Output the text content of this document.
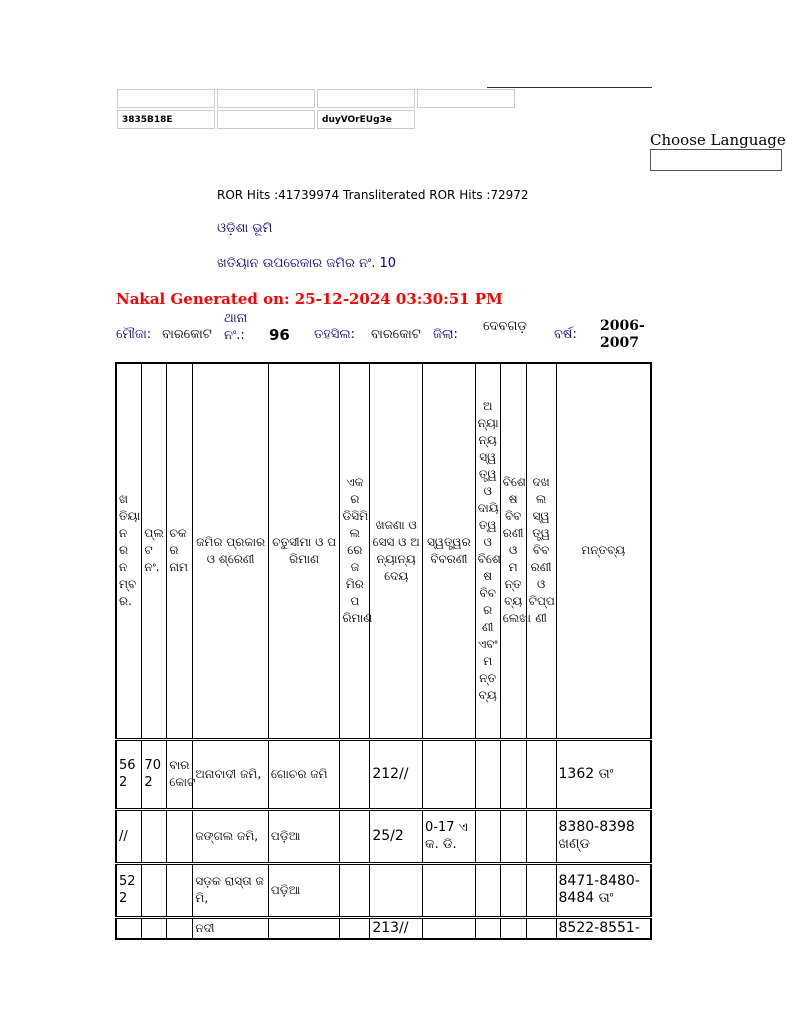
3835B18E		duyVOrEUg3e	
Choose Language
ROR Hits :41739974 Transliterated ROR Hits :72972
ଓଡ଼ିଶା ଭୂମି
ଖତିୟାନ ଉପରେକାର ଜମିର ନଂ. 10
Nakal Generated on: 25-12-2024 03:30:51 PM
ମୌଜା: ବାରକୋଟ
ଥାନା ନଂ.:	96 ତହସିଲ: ବାରକୋଟ ଜିଲା:
ଦେବଗଡ଼
ବର୍ଷ:
2006-2007
ଖତିୟାନ ର ନମ୍ବର.	ପ୍ଲଟ ନଂ.	ଚକ ର ନାମ	ଜମିର ପ୍ରକାର ଓ ଶ୍ରେଣୀ	ଚତୁସୀମା ଓ ପରିମାଣ	ଏକର ଡିସିମିଲ ରେ ଜମିର ପରିମାଣ	ଖଜଣା ଓ ସେସ ଓ ଅନ୍ୟାନ୍ୟ ଦେୟ	ସ୍ୱତ୍ତ୍ୱର ବିବରଣୀ	ଅନ୍ୟାନ୍ୟ ସ୍ୱତ୍ତ୍ୱ ଓ ଦାୟିତ୍ୱ ଓ ବିଶେଷ ବିବରଣୀ ଏବଂ ମନ୍ତବ୍ୟ	ବିଶେଷ ବିବରଣୀ ଓ ମନ୍ତବ୍ୟ ଲେଖା	ଦଖଲ ସ୍ୱତ୍ତ୍ୱ ବିବରଣୀ ଓ ଟିପ୍ପଣୀ	ମନ୍ତବ୍ୟ
562	702	ବାରକୋଟ	ଅନାବାଦୀ ଜମି,	ଗୋଚର ଜମି		212//					1362 ତାଂ
//			ଜଙ୍ଗଲ ଜମି,	ପଡ଼ିଆ		25/2	0-17 ଏକ. ଡି.				8380-8398 ଖଣ୍ଡ
522			ସଡ଼କ ରାସ୍ତା ଜମି,	ପଡ଼ିଆ							8471-8480-8484 ତାଂ
			ନଦୀ			213//					8522-8551-
